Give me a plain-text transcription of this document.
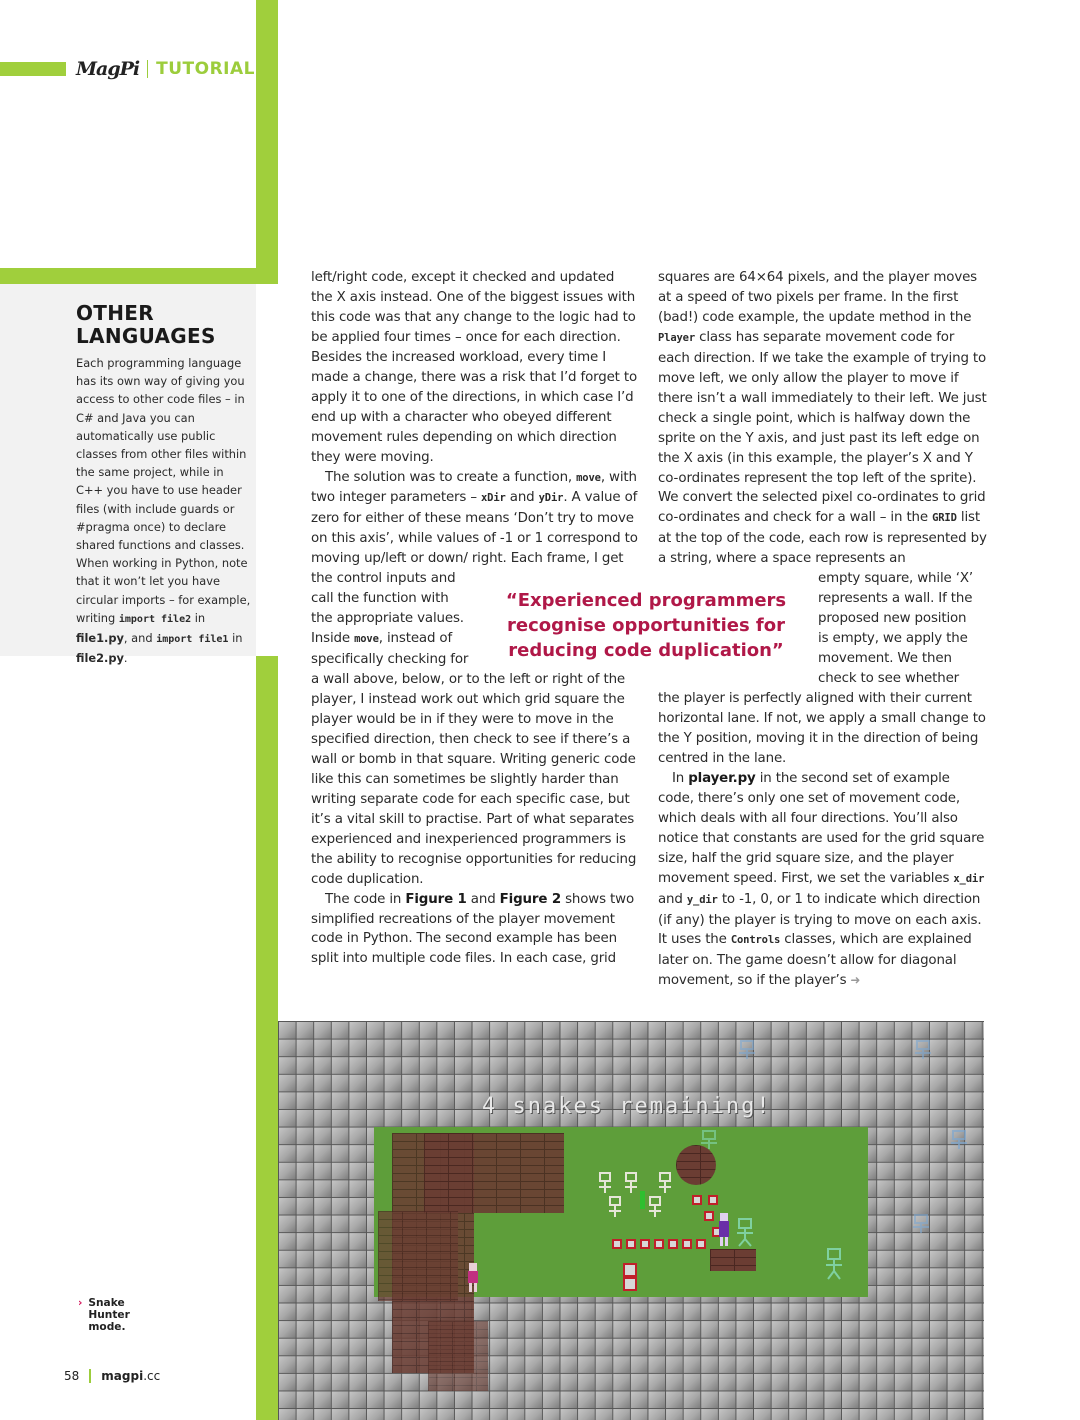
MagPi TUTORIAL
OTHER
LANGUAGES
Each programming language has its own way of giving you access to other code files – in C# and Java you can automatically use public classes from other files within the same project, while in C++ you have to use header files (with include guards or #pragma once) to declare shared functions and classes. When working in Python, note that it won’t let you have circular imports – for example, writing import file2 in file1.py, and import file1 in file2.py.

left/right code, except it checked and updated the X axis instead. One of the biggest issues with this code was that any change to the logic had to be applied four times – once for each direction. Besides the increased workload, every time I made a change, there was a risk that I’d forget to apply it to one of the directions, in which case I’d end up with a character who obeyed different movement rules depending on which direction they were moving.

The solution was to create a function, move, with two integer parameters – xDir and yDir. A value of zero for either of these means ‘Don’t try to move on this axis’, while values of -1 or 1 correspond to moving up/left or down/ right. Each frame, I get

the control inputs and

call the function with

the appropriate values.

Inside move, instead of

specifically checking for

a wall above, below, or to the left or right of the player, I instead work out which grid square the player would be in if they were to move in the specified direction, then check to see if there’s a wall or bomb in that square. Writing generic code like this can sometimes be slightly harder than writing separate code for each specific case, but it’s a vital skill to practise. Part of what separates experienced and inexperienced programmers is the ability to recognise opportunities for reducing code duplication.

The code in Figure 1 and Figure 2 shows two simplified recreations of the player movement code in Python. The second example has been split into multiple code files. In each case, grid

squares are 64×64 pixels, and the player moves at a speed of two pixels per frame. In the first (bad!) code example, the update method in the Player class has separate movement code for each direction. If we take the example of trying to move left, we only allow the player to move if there isn’t a wall immediately to their left. We just check a single point, which is halfway down the sprite on the Y axis, and just past its left edge on the X axis (in this example, the player’s X and Y co-ordinates represent the top left of the sprite). We convert the selected pixel co-ordinates to grid co-ordinates and check for a wall – in the GRID list at the top of the code, each row is represented by a string, where a space represents an

empty square, while ‘X’

represents a wall. If the

proposed new position

is empty, we apply the

movement. We then

check to see whether

the player is perfectly aligned with their current horizontal lane. If not, we apply a small change to the Y position, moving it in the direction of being centred in the lane.

In player.py in the second set of example code, there’s only one set of movement code, which deals with all four directions. You’ll also notice that constants are used for the grid square size, half the grid square size, and the player movement speed. First, we set the variables x_dir and y_dir to -1, 0, or 1 to indicate which direction (if any) the player is trying to move on each axis. It uses the Controls classes, which are explained later on. The game doesn’t allow for diagonal movement, so if the player’s ➜

“Experienced programmers recognise opportunities for reducing code duplication”
4 snakes remaining!
› Snake Hunter mode.
58 magpi.cc
